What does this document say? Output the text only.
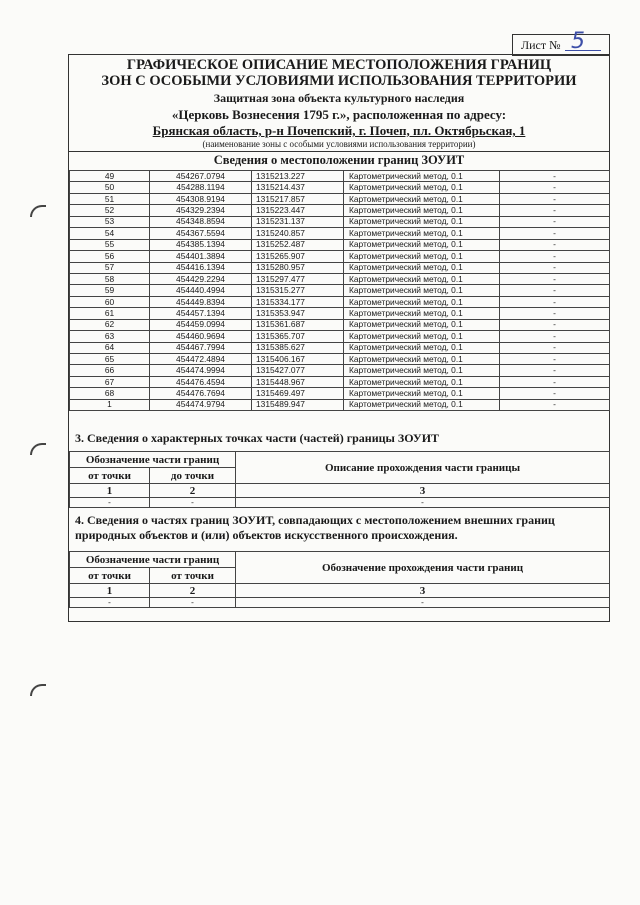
Лист № 5
ГРАФИЧЕСКОЕ ОПИСАНИЕ МЕСТОПОЛОЖЕНИЯ ГРАНИЦ
ЗОН С ОСОБЫМИ УСЛОВИЯМИ ИСПОЛЬЗОВАНИЯ ТЕРРИТОРИИ
Защитная зона объекта культурного наследия
«Церковь Вознесения 1795 г.», расположенная по адресу:
Брянская область, р-н Почепский, г. Почеп, пл. Октябрьская, 1
(наименование зоны с особыми условиями использования территории)
Сведения о местоположении границ ЗОУИТ
49	454267.0794	1315213.227	Картометрический метод, 0.1	-
50	454288.1194	1315214.437	Картометрический метод, 0.1	-
51	454308.9194	1315217.857	Картометрический метод, 0.1	-
52	454329.2394	1315223.447	Картометрический метод, 0.1	-
53	454348.8594	1315231.137	Картометрический метод, 0.1	-
54	454367.5594	1315240.857	Картометрический метод, 0.1	-
55	454385.1394	1315252.487	Картометрический метод, 0.1	-
56	454401.3894	1315265.907	Картометрический метод, 0.1	-
57	454416.1394	1315280.957	Картометрический метод, 0.1	-
58	454429.2294	1315297.477	Картометрический метод, 0.1	-
59	454440.4994	1315315.277	Картометрический метод, 0.1	-
60	454449.8394	1315334.177	Картометрический метод, 0.1	-
61	454457.1394	1315353.947	Картометрический метод, 0.1	-
62	454459.0994	1315361.687	Картометрический метод, 0.1	-
63	454460.9694	1315365.707	Картометрический метод, 0.1	-
64	454467.7994	1315385.627	Картометрический метод, 0.1	-
65	454472.4894	1315406.167	Картометрический метод, 0.1	-
66	454474.9994	1315427.077	Картометрический метод, 0.1	-
67	454476.4594	1315448.967	Картометрический метод, 0.1	-
68	454476.7694	1315469.497	Картометрический метод, 0.1	-
1	454474.9794	1315489.947	Картометрический метод, 0.1	-
3. Сведения о характерных точках части (частей) границы ЗОУИТ
Обозначение части границ		Описание прохождения части границы
от точки	до точки	
1	2	3
-	-	-
4. Сведения о частях границ ЗОУИТ, совпадающих с местоположением внешних границ
природных объектов и (или) объектов искусственного происхождения.
Обозначение части границ		Обозначение прохождения части границ
от точки	от точки	
1	2	3
-	-	-
